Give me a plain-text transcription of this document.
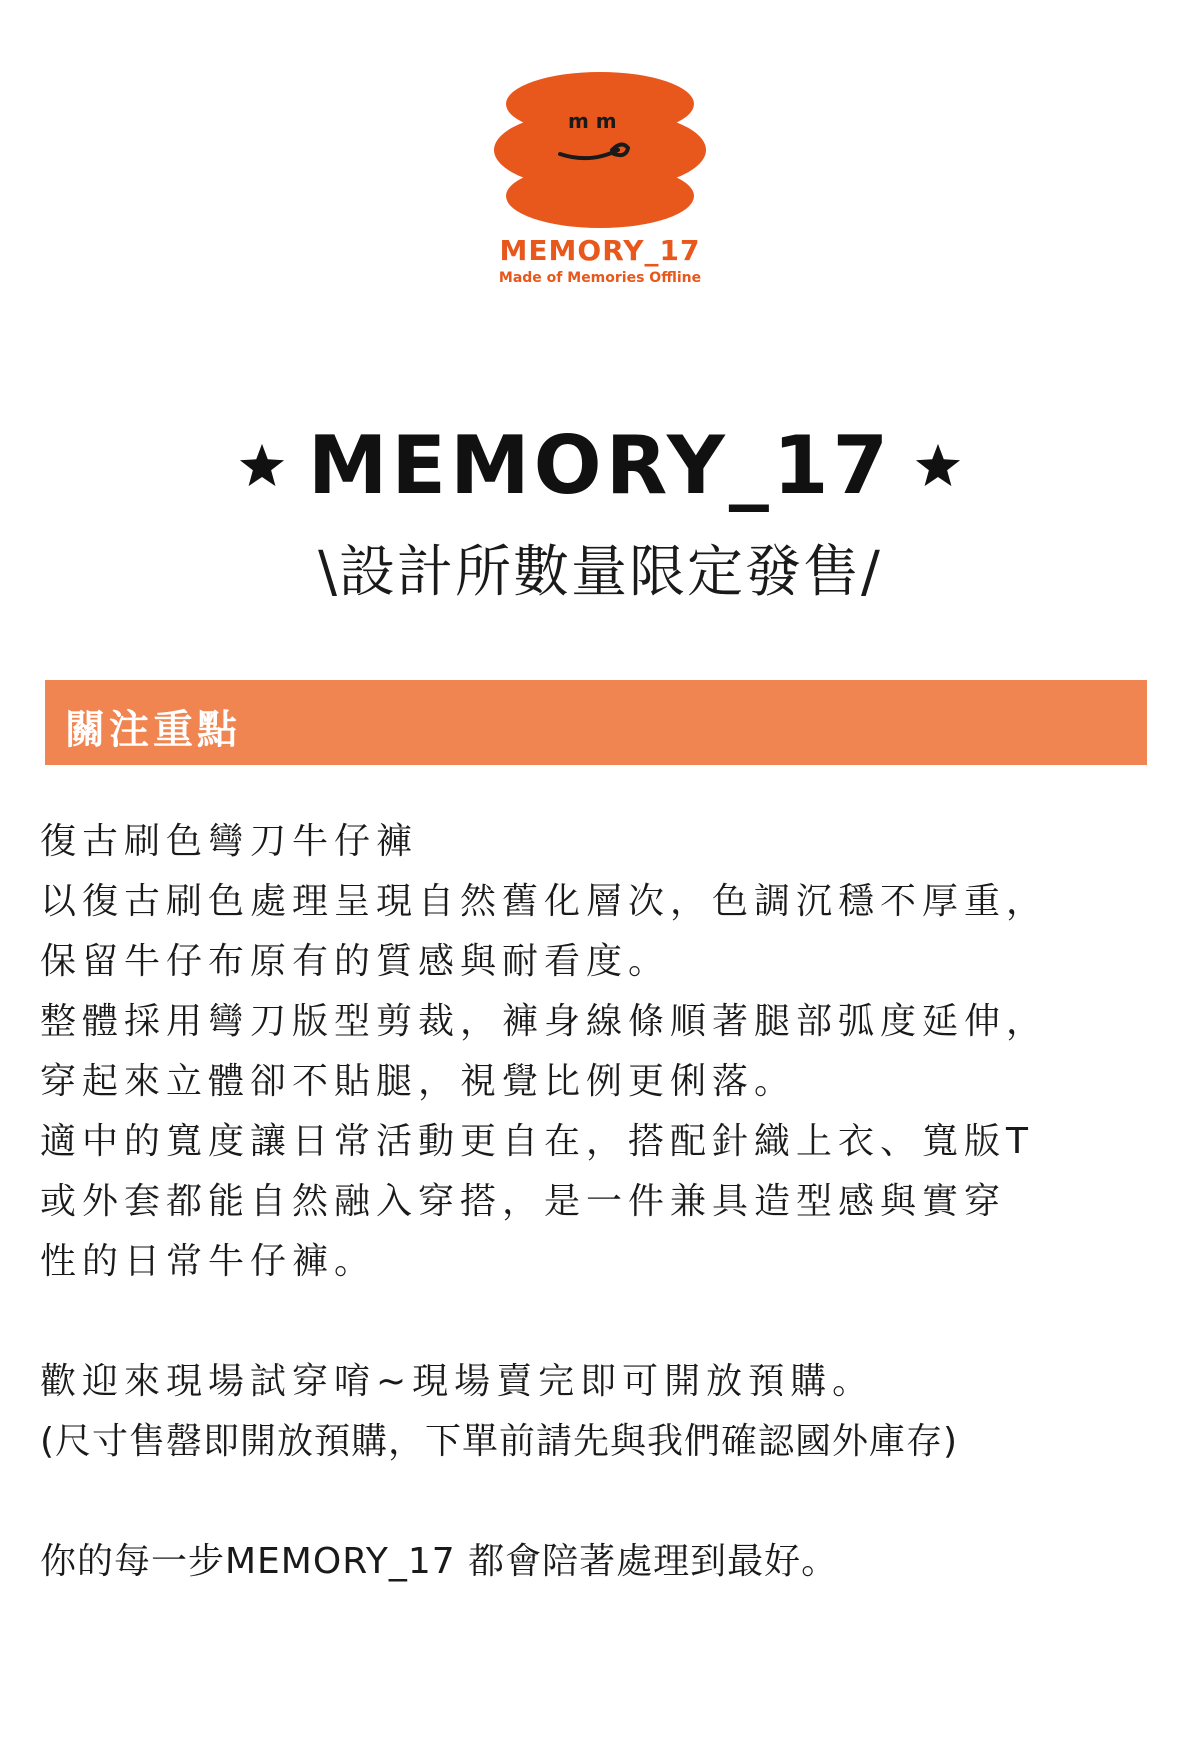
m m
MEMORY_17
Made of Memories Offline
MEMORY_17
\設計所數量限定發售/
關注重點

復古刷色彎刀牛仔褲

以復古刷色處理呈現自然舊化層次，色調沉穩不厚重，

保留牛仔布原有的質感與耐看度。

整體採用彎刀版型剪裁，褲身線條順著腿部弧度延伸，

穿起來立體卻不貼腿，視覺比例更俐落。

適中的寬度讓日常活動更自在，搭配針織上衣、寬版T

或外套都能自然融入穿搭，是一件兼具造型感與實穿

性的日常牛仔褲。

歡迎來現場試穿唷~現場賣完即可開放預購。

(尺寸售罄即開放預購，下單前請先與我們確認國外庫存)

你的每一步MEMORY_17 都會陪著處理到最好。
